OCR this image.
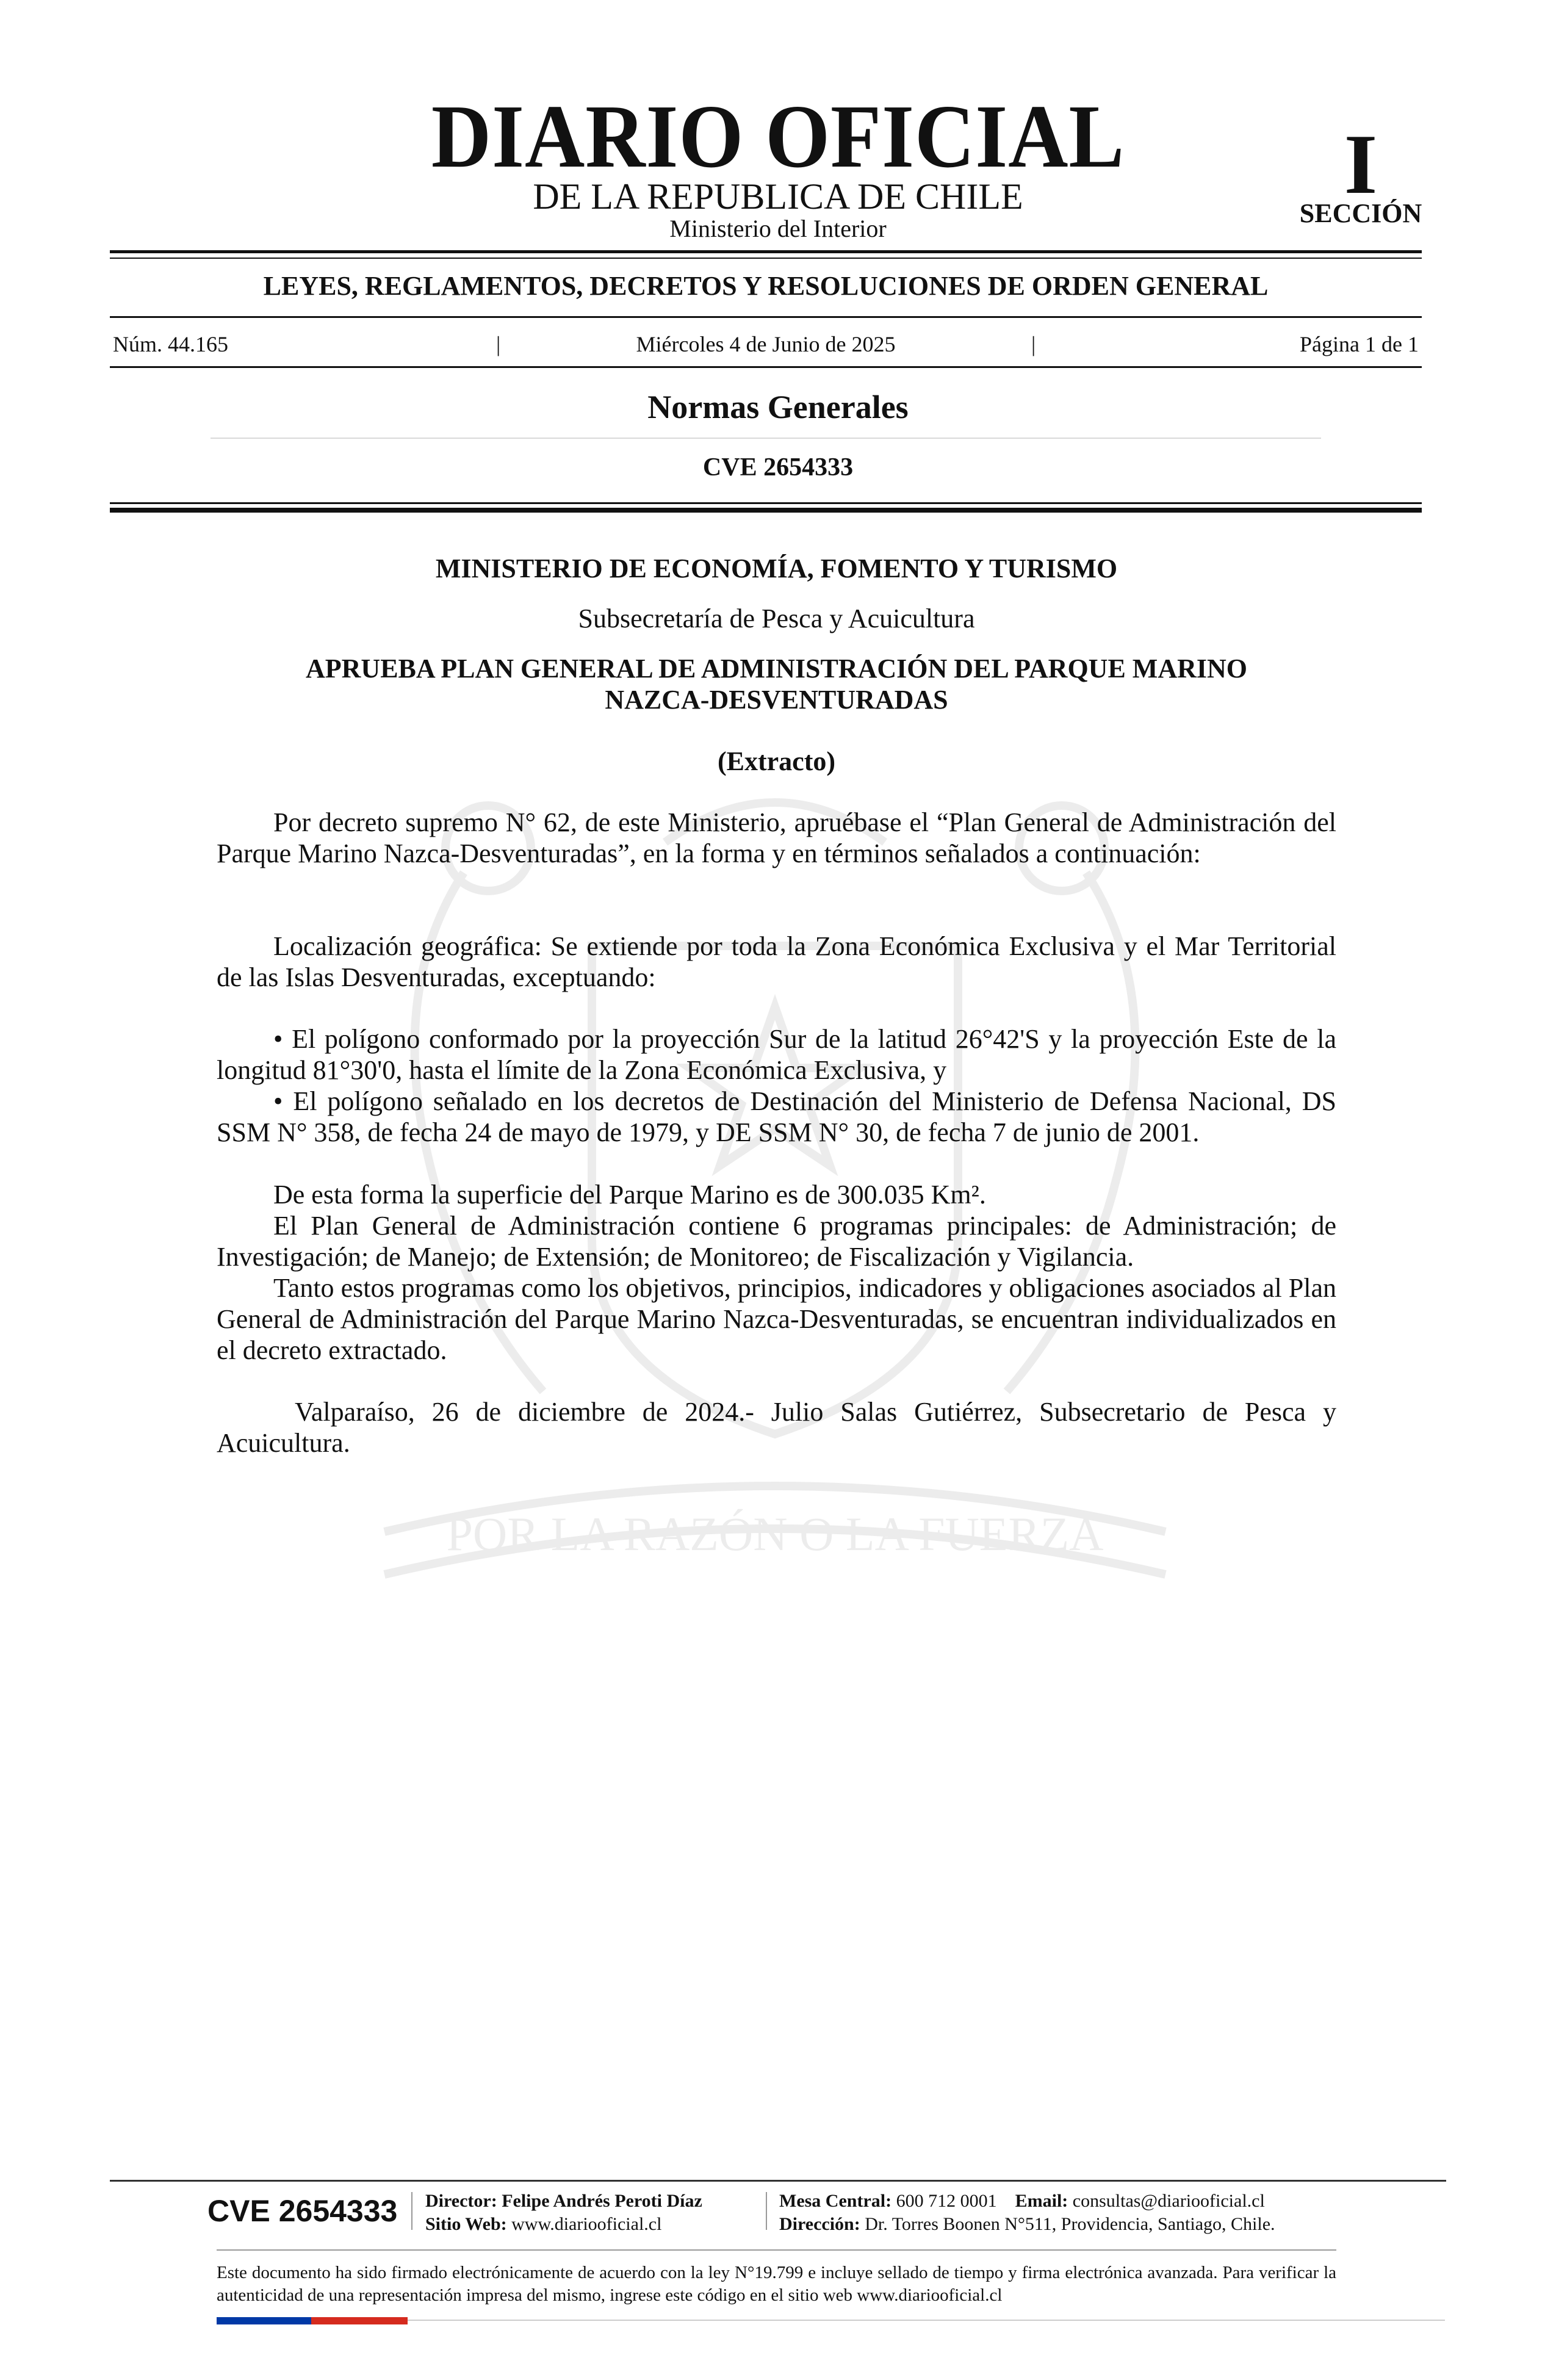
POR LA RAZÓN O LA FUERZA
DIARIO OFICIAL
DE LA REPUBLICA DE CHILE
Ministerio del Interior
I
SECCIÓN
LEYES, REGLAMENTOS, DECRETOS Y RESOLUCIONES DE ORDEN GENERAL
Núm. 44.165	|	Miércoles 4 de Junio de 2025	|	Página 1 de 1
Normas Generales
CVE 2654333
MINISTERIO DE ECONOMÍA, FOMENTO Y TURISMO
Subsecretaría de Pesca y Acuicultura
APRUEBA PLAN GENERAL DE ADMINISTRACIÓN DEL PARQUE MARINO
NAZCA-DESVENTURADAS
(Extracto)

Por decreto supremo N° 62, de este Ministerio, apruébase el “Plan General de Administración del Parque Marino Nazca-Desventuradas”, en la forma y en términos señalados a continuación:

Localización geográfica: Se extiende por toda la Zona Económica Exclusiva y el Mar Territorial de las Islas Desventuradas, exceptuando:

• El polígono conformado por la proyección Sur de la latitud 26°42'S y la proyección Este de la longitud 81°30'0, hasta el límite de la Zona Económica Exclusiva, y

• El polígono señalado en los decretos de Destinación del Ministerio de Defensa Nacional, DS SSM N° 358, de fecha 24 de mayo de 1979, y DE SSM N° 30, de fecha 7 de junio de 2001.

De esta forma la superficie del Parque Marino es de 300.035 Km².

El Plan General de Administración contiene 6 programas principales: de Administración; de Investigación; de Manejo; de Extensión; de Monitoreo; de Fiscalización y Vigilancia.

Tanto estos programas como los objetivos, principios, indicadores y obligaciones asociados al Plan General de Administración del Parque Marino Nazca-Desventuradas, se encuentran individualizados en el decreto extractado.

Valparaíso, 26 de diciembre de 2024.- Julio Salas Gutiérrez, Subsecretario de Pesca y Acuicultura.

CVE 2654333 Director: Felipe Andrés Peroti Díaz
Sitio Web: www.diariooficial.cl
Mesa Central: 600 712 0001 Email: consultas@diariooficial.cl
Dirección: Dr. Torres Boonen N°511, Providencia, Santiago, Chile.
Este documento ha sido firmado electrónicamente de acuerdo con la ley N°19.799 e incluye sellado de tiempo y firma electrónica avanzada. Para verificar la autenticidad de una representación impresa del mismo, ingrese este código en el sitio web www.diariooficial.cl
